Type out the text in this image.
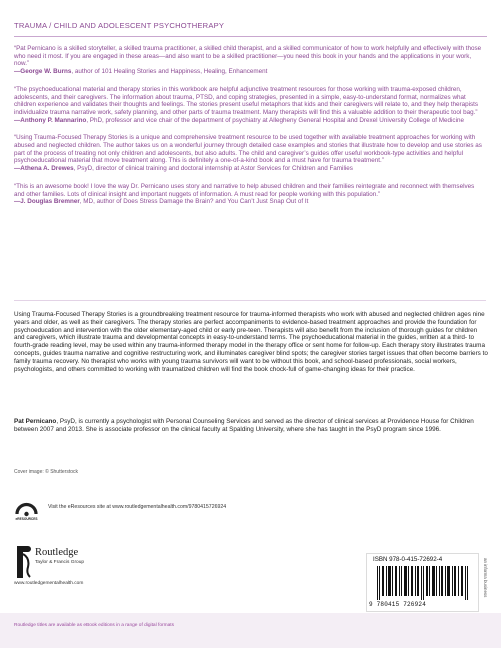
TRAUMA / CHILD AND ADOLESCENT PSYCHOTHERAPY

“Pat Pernicano is a skilled storyteller, a skilled trauma practitioner, a skilled child therapist, and a skilled communicator of how to work helpfully and effectively with those who need it most. If you are engaged in these areas—and also want to be a skilled practitioner—you need this book in your hands and the applications in your work, now.”
—George W. Burns, author of 101 Healing Stories and Happiness, Healing, Enhancement

“The psychoeducational material and therapy stories in this workbook are helpful adjunctive treatment resources for those working with trauma-exposed children, adolescents, and their caregivers. The information about trauma, PTSD, and coping strategies, presented in a simple, easy-to-understand format, normalizes what children experience and validates their thoughts and feelings. The stories present useful metaphors that kids and their caregivers will relate to, and they help therapists individualize trauma narrative work, safety planning, and other parts of trauma treatment. Many therapists will find this a valuable addition to their therapeutic tool bag.”
—Anthony P. Mannarino, PhD, professor and vice chair of the department of psychiatry at Allegheny General Hospital and Drexel University College of Medicine

“Using Trauma-Focused Therapy Stories is a unique and comprehensive treatment resource to be used together with available treatment approaches for working with abused and neglected children. The author takes us on a wonderful journey through detailed case examples and stories that illustrate how to develop and use stories as part of the process of treating not only children and adolescents, but also adults. The child and caregiver’s guides offer useful workbook-type activities and helpful psychoeducational material that move treatment along. This is definitely a one-of-a-kind book and a must have for trauma treatment.”
—Athena A. Drewes, PsyD, director of clinical training and doctoral internship at Astor Services for Children and Families

“This is an awesome book! I love the way Dr. Pernicano uses story and narrative to help abused children and their families reintegrate and reconnect with themselves and other families. Lots of clinical insight and important nuggets of information. A must read for people working with this population.”
—J. Douglas Bremner, MD, author of Does Stress Damage the Brain? and You Can’t Just Snap Out of It

Using Trauma-Focused Therapy Stories is a groundbreaking treatment resource for trauma-informed therapists who work with abused and neglected children ages nine years and older, as well as their caregivers. The therapy stories are perfect accompaniments to evidence-based treatment approaches and provide the foundation for psychoeducation and intervention with the older elementary-aged child or early pre-teen. Therapists will also benefit from the inclusion of thorough guides for children and caregivers, which illustrate trauma and developmental concepts in easy-to-understand terms. The psychoeducational material in the guides, written at a third- to fourth-grade reading level, may be used within any trauma-informed therapy model in the therapy office or sent home for follow-up. Each therapy story illustrates trauma concepts, guides trauma narrative and cognitive restructuring work, and illuminates caregiver blind spots; the caregiver stories target issues that often become barriers to family trauma recovery. No therapist who works with young trauma survivors will want to be without this book, and school-based professionals, social workers, psychologists, and others committed to working with traumatized children will find the book chock-full of game-changing ideas for their practice.

Pat Pernicano, PsyD, is currently a psychologist with Personal Counseling Services and served as the director of clinical services at Providence House for Children between 2007 and 2013. She is associate professor on the clinical faculty at Spalding University, where she has taught in the PsyD program since 1996.

Cover image: © Shutterstock
eRESOURCES
Visit the eResources site at www.routledgementalhealth.com/9780415726924
Routledge
Taylor & Francis Group
www.routledgementalhealth.com
ISBN 978-0-415-72692-4
9 780415 726924
an informa business
Routledge titles are available as eBook editions in a range of digital formats
